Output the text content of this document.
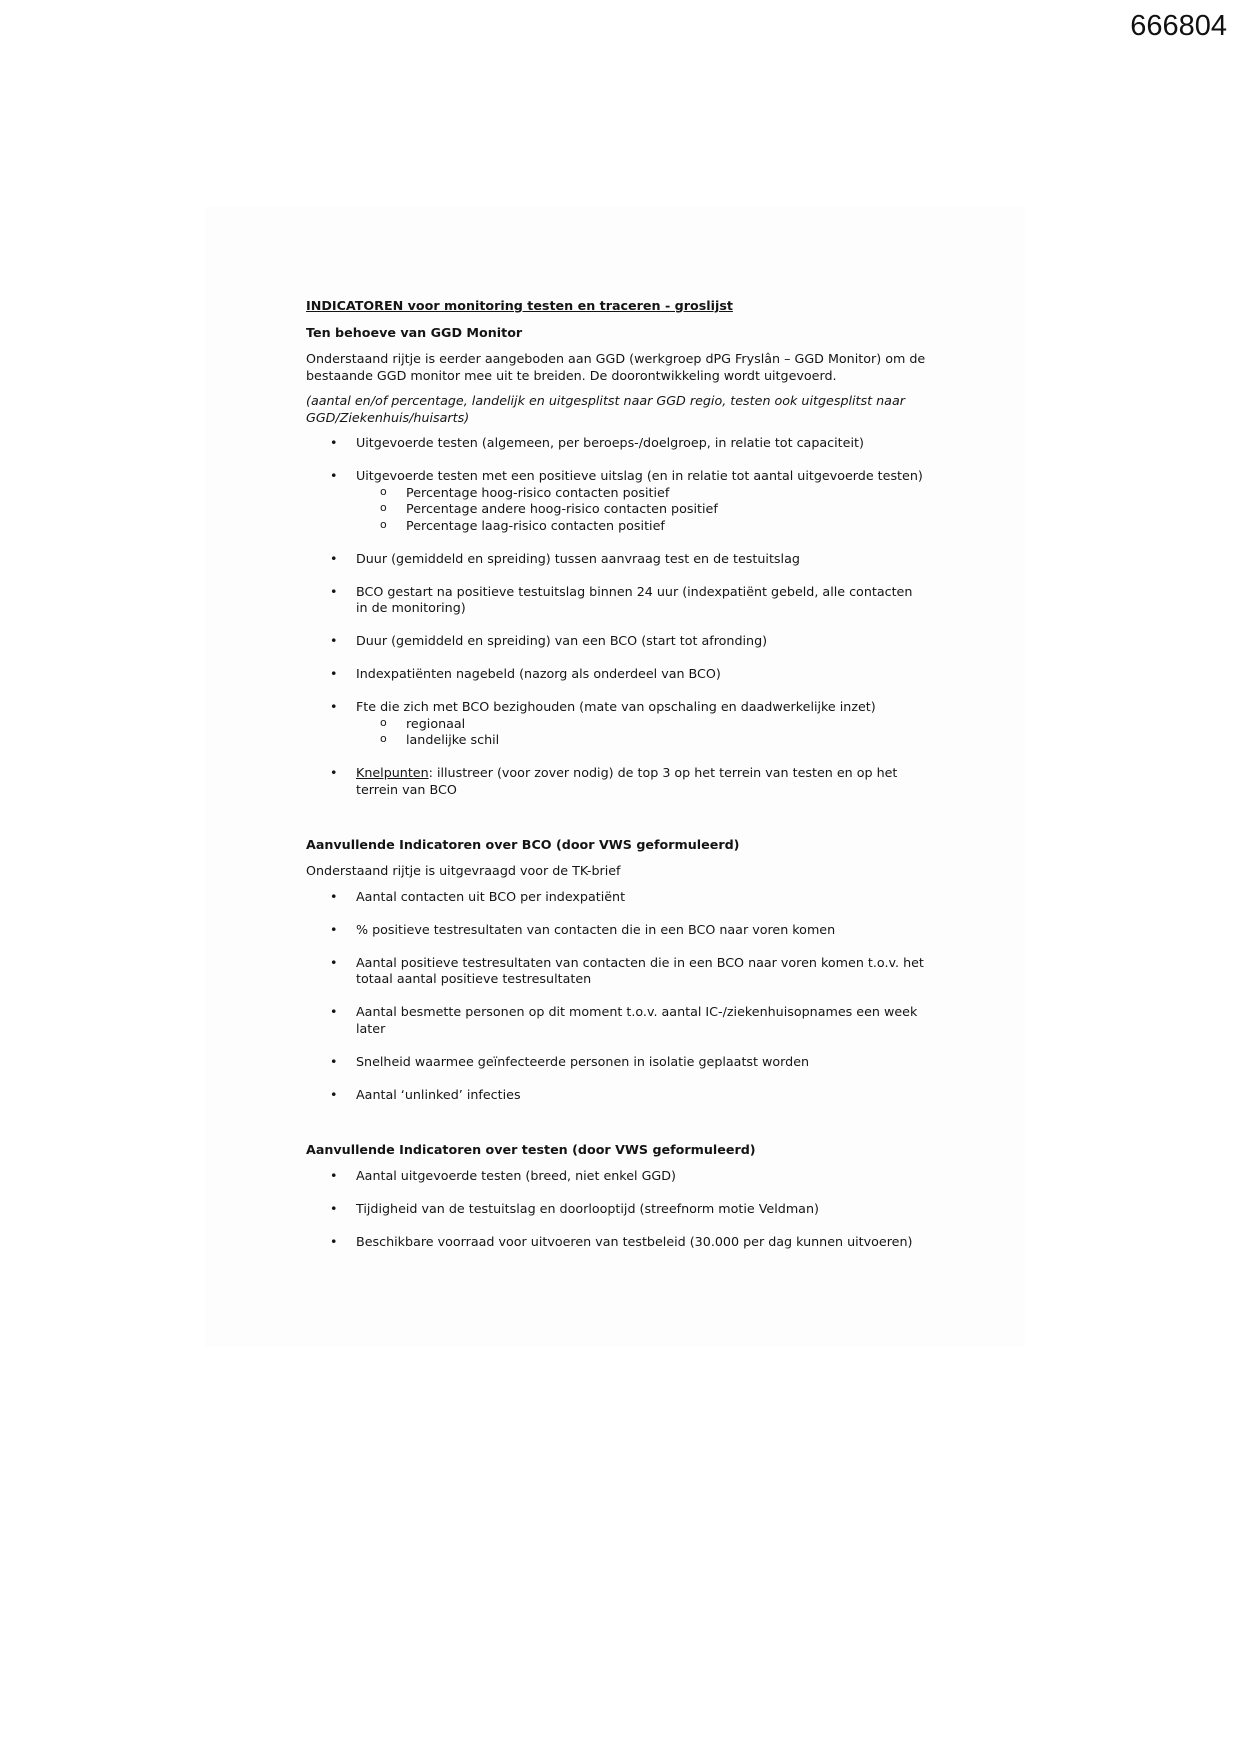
666804
INDICATOREN voor monitoring testen en traceren - groslijst
Ten behoeve van GGD Monitor
Onderstaand rijtje is eerder aangeboden aan GGD (werkgroep dPG Fryslân – GGD Monitor) om de bestaande GGD monitor mee uit te breiden. De doorontwikkeling wordt uitgevoerd.
(aantal en/of percentage, landelijk en uitgesplitst naar GGD regio, testen ook uitgesplitst naar GGD/Ziekenhuis/huisarts)
• Uitgevoerde testen (algemeen, per beroeps-/doelgroep, in relatie tot capaciteit)
• Uitgevoerde testen met een positieve uitslag (en in relatie tot aantal uitgevoerde testen)
o Percentage hoog-risico contacten positief
o Percentage andere hoog-risico contacten positief
o Percentage laag-risico contacten positief
• Duur (gemiddeld en spreiding) tussen aanvraag test en de testuitslag
• BCO gestart na positieve testuitslag binnen 24 uur (indexpatiënt gebeld, alle contacten in de monitoring)
• Duur (gemiddeld en spreiding) van een BCO (start tot afronding)
• Indexpatiënten nagebeld (nazorg als onderdeel van BCO)
• Fte die zich met BCO bezighouden (mate van opschaling en daadwerkelijke inzet)
o regionaal
o landelijke schil
• Knelpunten: illustreer (voor zover nodig) de top 3 op het terrein van testen en op het terrein van BCO
Aanvullende Indicatoren over BCO (door VWS geformuleerd)
Onderstaand rijtje is uitgevraagd voor de TK-brief
• Aantal contacten uit BCO per indexpatiënt
• % positieve testresultaten van contacten die in een BCO naar voren komen
• Aantal positieve testresultaten van contacten die in een BCO naar voren komen t.o.v. het totaal aantal positieve testresultaten
• Aantal besmette personen op dit moment t.o.v. aantal IC-/ziekenhuisopnames een week later
• Snelheid waarmee geïnfecteerde personen in isolatie geplaatst worden
• Aantal ‘unlinked’ infecties
Aanvullende Indicatoren over testen (door VWS geformuleerd)
• Aantal uitgevoerde testen (breed, niet enkel GGD)
• Tijdigheid van de testuitslag en doorlooptijd (streefnorm motie Veldman)
• Beschikbare voorraad voor uitvoeren van testbeleid (30.000 per dag kunnen uitvoeren)
